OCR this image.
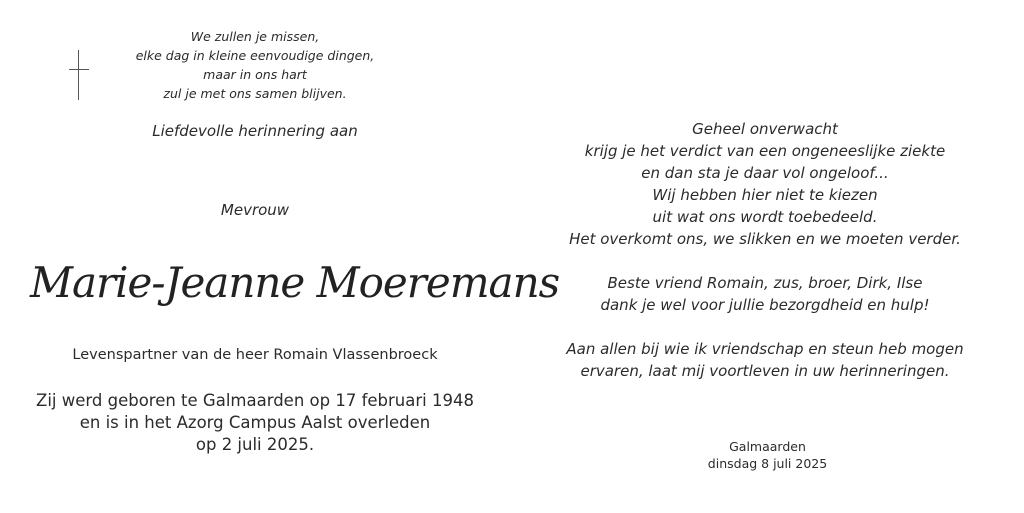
We zullen je missen,
elke dag in kleine eenvoudige dingen,
maar in ons hart
zul je met ons samen blijven.
Liefdevolle herinnering aan
Mevrouw
Marie-Jeanne Moeremans
Levenspartner van de heer Romain Vlassenbroeck
Zij werd geboren te Galmaarden op 17 februari 1948
en is in het Azorg Campus Aalst overleden
op 2 juli 2025.
Geheel onverwacht
krijg je het verdict van een ongeneeslijke ziekte
en dan sta je daar vol ongeloof...
Wij hebben hier niet te kiezen
uit wat ons wordt toebedeeld.
Het overkomt ons, we slikken en we moeten verder.
Beste vriend Romain, zus, broer, Dirk, Ilse
dank je wel voor jullie bezorgdheid en hulp!
Aan allen bij wie ik vriendschap en steun heb mogen
ervaren, laat mij voortleven in uw herinneringen.
Galmaarden
dinsdag 8 juli 2025
